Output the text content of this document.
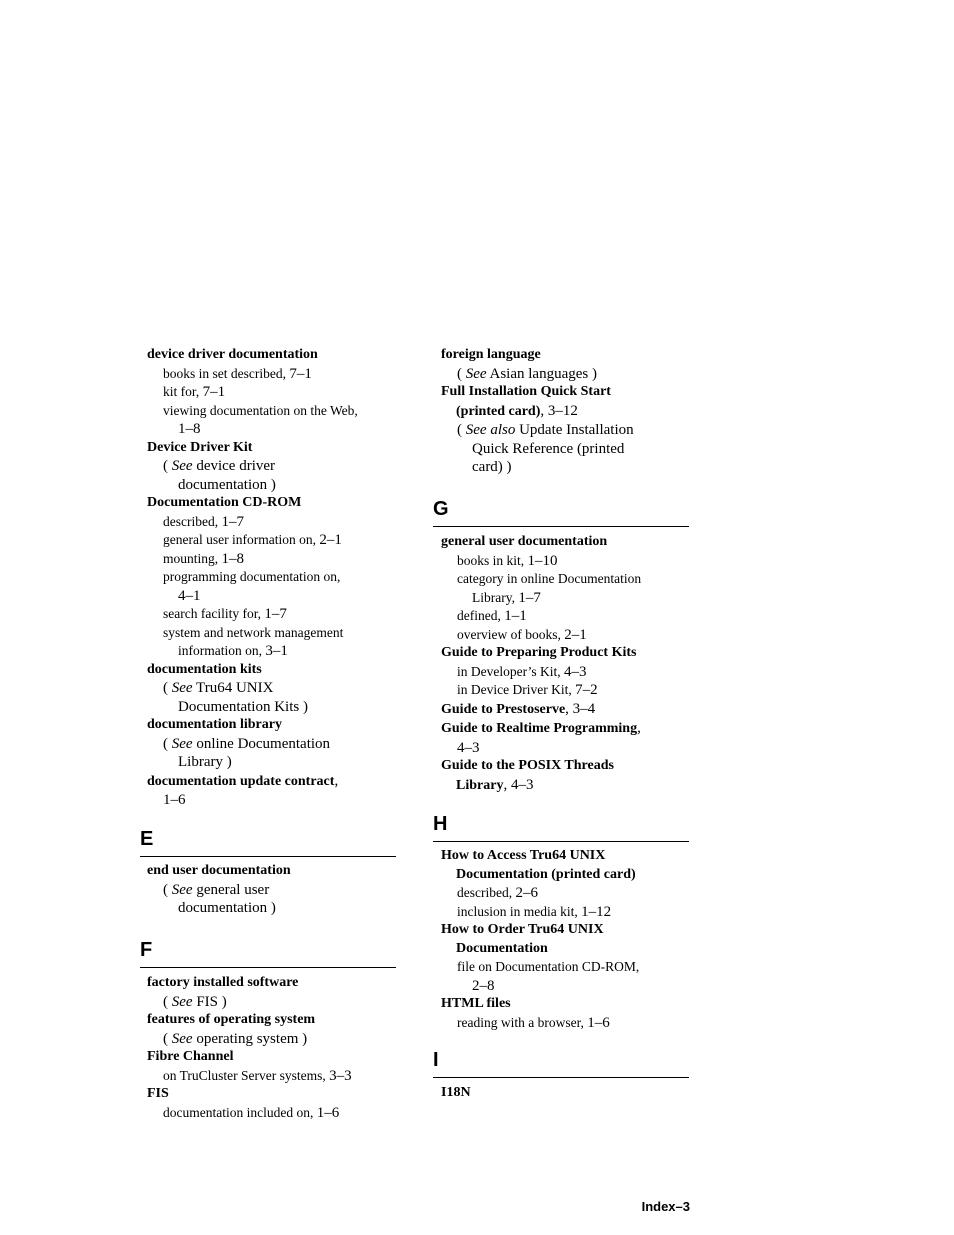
device driver documentation
books in set described, 7–1
kit for, 7–1
viewing documentation on the Web,
1–8
Device Driver Kit
( See device driver
documentation )
Documentation CD-ROM
described, 1–7
general user information on, 2–1
mounting, 1–8
programming documentation on,
4–1
search facility for, 1–7
system and network management
information on, 3–1
documentation kits
( See Tru64 UNIX
Documentation Kits )
documentation library
( See online Documentation
Library )
documentation update contract,
1–6
E
end user documentation
( See general user
documentation )
F
factory installed software
( See FIS )
features of operating system
( See operating system )
Fibre Channel
on TruCluster Server systems, 3–3
FIS
documentation included on, 1–6
foreign language
( See Asian languages )
Full Installation Quick Start
(printed card), 3–12
( See also Update Installation
Quick Reference (printed
card) )
G
general user documentation
books in kit, 1–10
category in online Documentation
Library, 1–7
defined, 1–1
overview of books, 2–1
Guide to Preparing Product Kits
in Developer’s Kit, 4–3
in Device Driver Kit, 7–2
Guide to Prestoserve, 3–4
Guide to Realtime Programming,
4–3
Guide to the POSIX Threads
Library, 4–3
H
How to Access Tru64 UNIX
Documentation (printed card)
described, 2–6
inclusion in media kit, 1–12
How to Order Tru64 UNIX
Documentation
file on Documentation CD-ROM,
2–8
HTML files
reading with a browser, 1–6
I
I18N
Index–3
